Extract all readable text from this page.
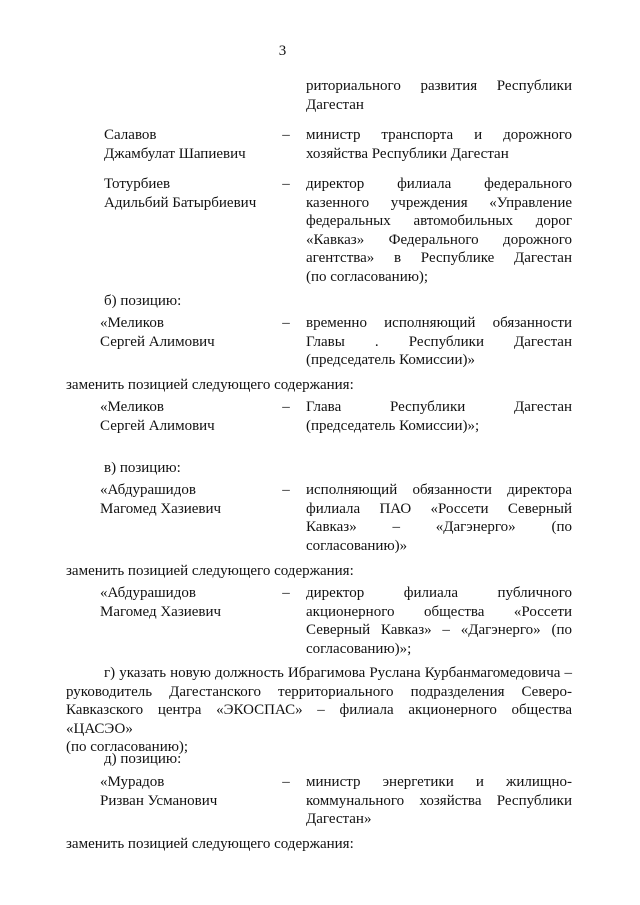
3
риториального развития Республики
Дагестан
Салавов
Джамбулат Шапиевич
– министр транспорта и дорожного
хозяйства Республики Дагестан
Тотурбиев
Адильбий Батырбиевич
– директор филиала федерального
казенного учреждения «Управление
федеральных автомобильных дорог
«Кавказ» Федерального дорожного
агентства» в Республике Дагестан
(по согласованию);
б) позицию:
«Меликов
Сергей Алимович
– временно исполняющий обязанности
Главы . Республики Дагестан
(председатель Комиссии)»
заменить позицией следующего содержания:
«Меликов
Сергей Алимович
– Глава Республики Дагестан
(председатель Комиссии)»;
в) позицию:
«Абдурашидов
Магомед Хазиевич
– исполняющий обязанности директора
филиала ПАО «Россети Северный
Кавказ» – «Дагэнерго» (по
согласованию)»
заменить позицией следующего содержания:
«Абдурашидов
Магомед Хазиевич
– директор филиала публичного
акционерного общества «Россети
Северный Кавказ» – «Дагэнерго» (по
согласованию)»;
г) указать новую должность Ибрагимова Руслана Курбанмагомедовича –
руководитель Дагестанского территориального подразделения Северо-
Кавказского центра «ЭКОСПАС» – филиала акционерного общества «ЦАСЭО»
(по согласованию);
д) позицию:
«Мурадов
Ризван Усманович
– министр энергетики и жилищно-
коммунального хозяйства Республики
Дагестан»
заменить позицией следующего содержания:
